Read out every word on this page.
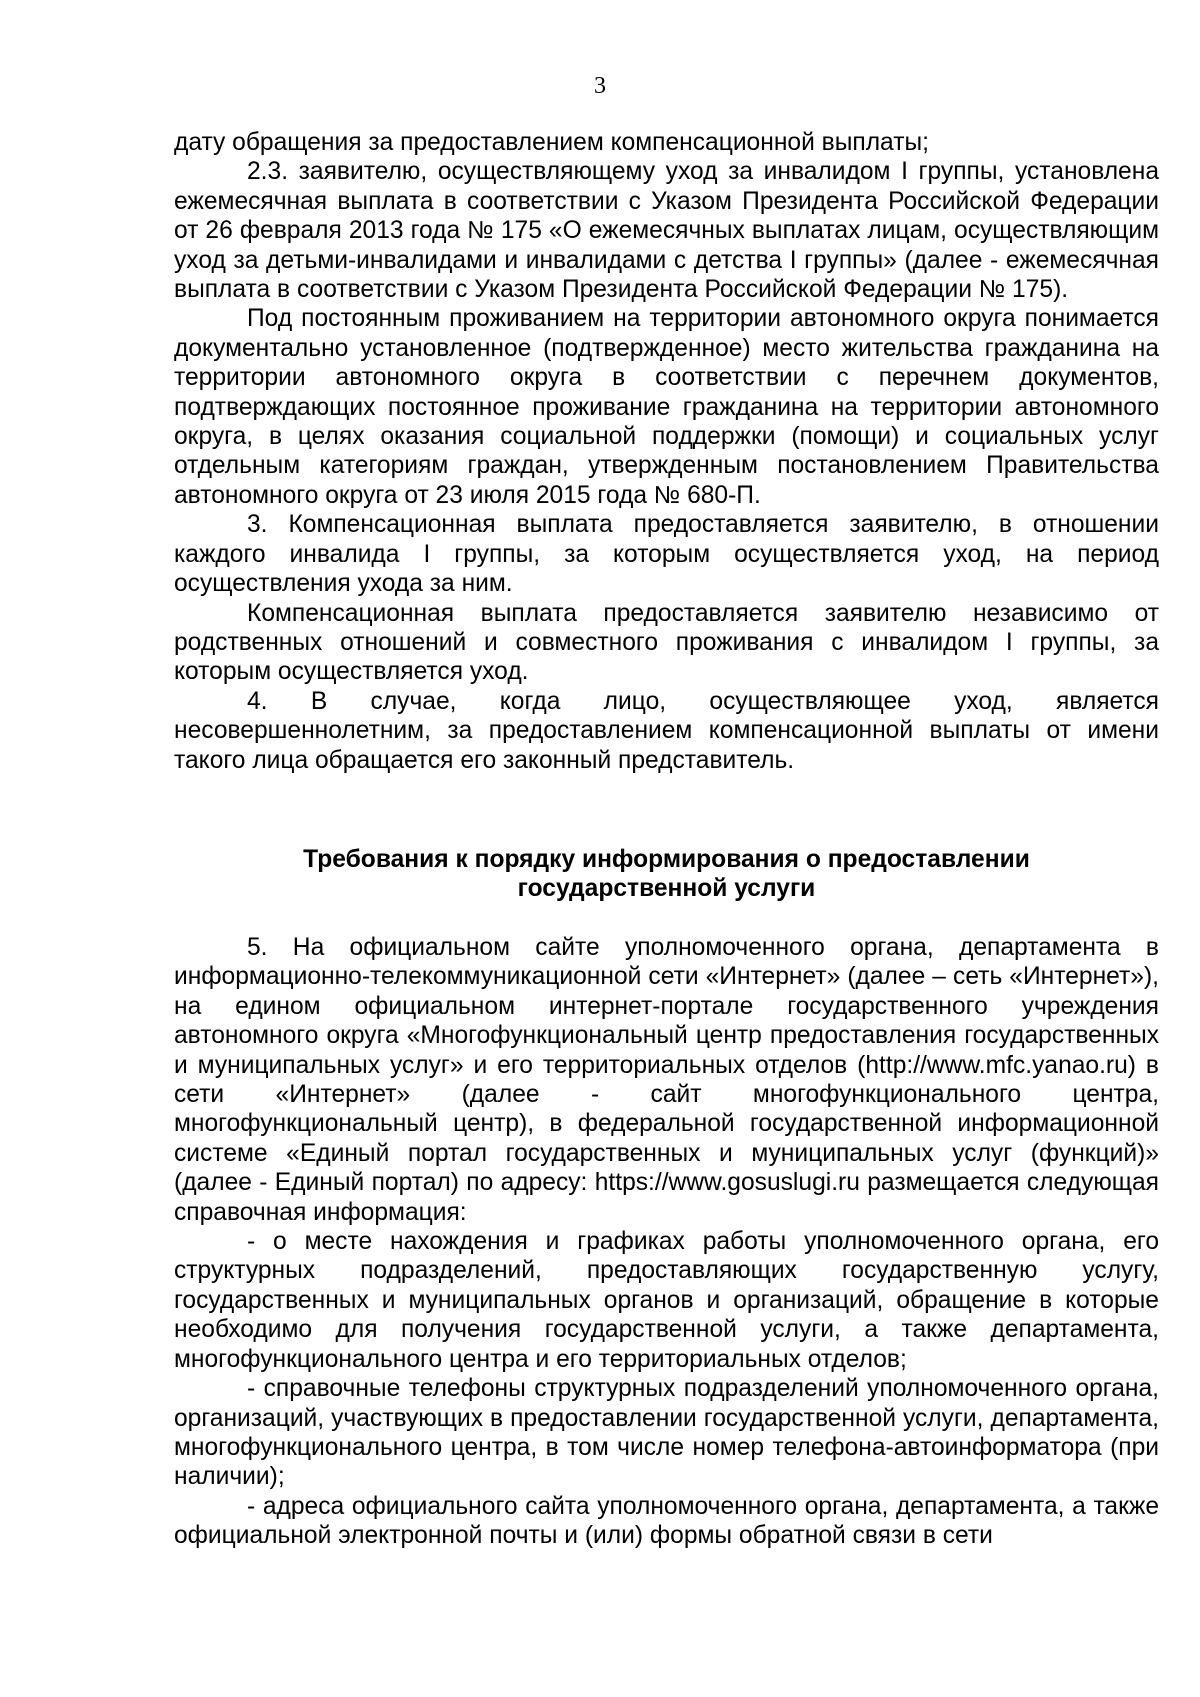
3

дату обращения за предоставлением компенсационной выплаты;

2.3. заявителю, осуществляющему уход за инвалидом I группы, установлена ежемесячная выплата в соответствии с Указом Президента Российской Федерации от 26 февраля 2013 года № 175 «О ежемесячных выплатах лицам, осуществляющим уход за детьми-инвалидами и инвалидами с детства I группы» (далее - ежемесячная выплата в соответствии с Указом Президента Российской Федерации № 175).

Под постоянным проживанием на территории автономного округа понимается документально установленное (подтвержденное) место жительства гражданина на территории автономного округа в соответствии с перечнем документов, подтверждающих постоянное проживание гражданина на территории автономного округа, в целях оказания социальной поддержки (помощи) и социальных услуг отдельным категориям граждан, утвержденным постановлением Правительства автономного округа от 23 июля 2015 года № 680-П.

3. Компенсационная выплата предоставляется заявителю, в отношении каждого инвалида I группы, за которым осуществляется уход, на период осуществления ухода за ним.

Компенсационная выплата предоставляется заявителю независимо от родственных отношений и совместного проживания с инвалидом I группы, за которым осуществляется уход.

4. В случае, когда лицо, осуществляющее уход, является несовершеннолетним, за предоставлением компенсационной выплаты от имени такого лица обращается его законный представитель.

Требования к порядку информирования о предоставлении
государственной услуги

5. На официальном сайте уполномоченного органа, департамента в информационно-телекоммуникационной сети «Интернет» (далее – сеть «Интернет»), на едином официальном интернет-портале государственного учреждения автономного округа «Многофункциональный центр предоставления государственных и муниципальных услуг» и его территориальных отделов (http://www.mfc.yanao.ru) в сети «Интернет» (далее - сайт многофункционального центра, многофункциональный центр), в федеральной государственной информационной системе «Единый портал государственных и муниципальных услуг (функций)» (далее - Единый портал) по адресу: https://www.gosuslugi.ru размещается следующая справочная информация:

- о месте нахождения и графиках работы уполномоченного органа, его структурных подразделений, предоставляющих государственную услугу, государственных и муниципальных органов и организаций, обращение в которые необходимо для получения государственной услуги, а также департамента, многофункционального центра и его территориальных отделов;

- справочные телефоны структурных подразделений уполномоченного органа, организаций, участвующих в предоставлении государственной услуги, департамента, многофункционального центра, в том числе номер телефона-автоинформатора (при наличии);

- адреса официального сайта уполномоченного органа, департамента, а также официальной электронной почты и (или) формы обратной связи в сети
